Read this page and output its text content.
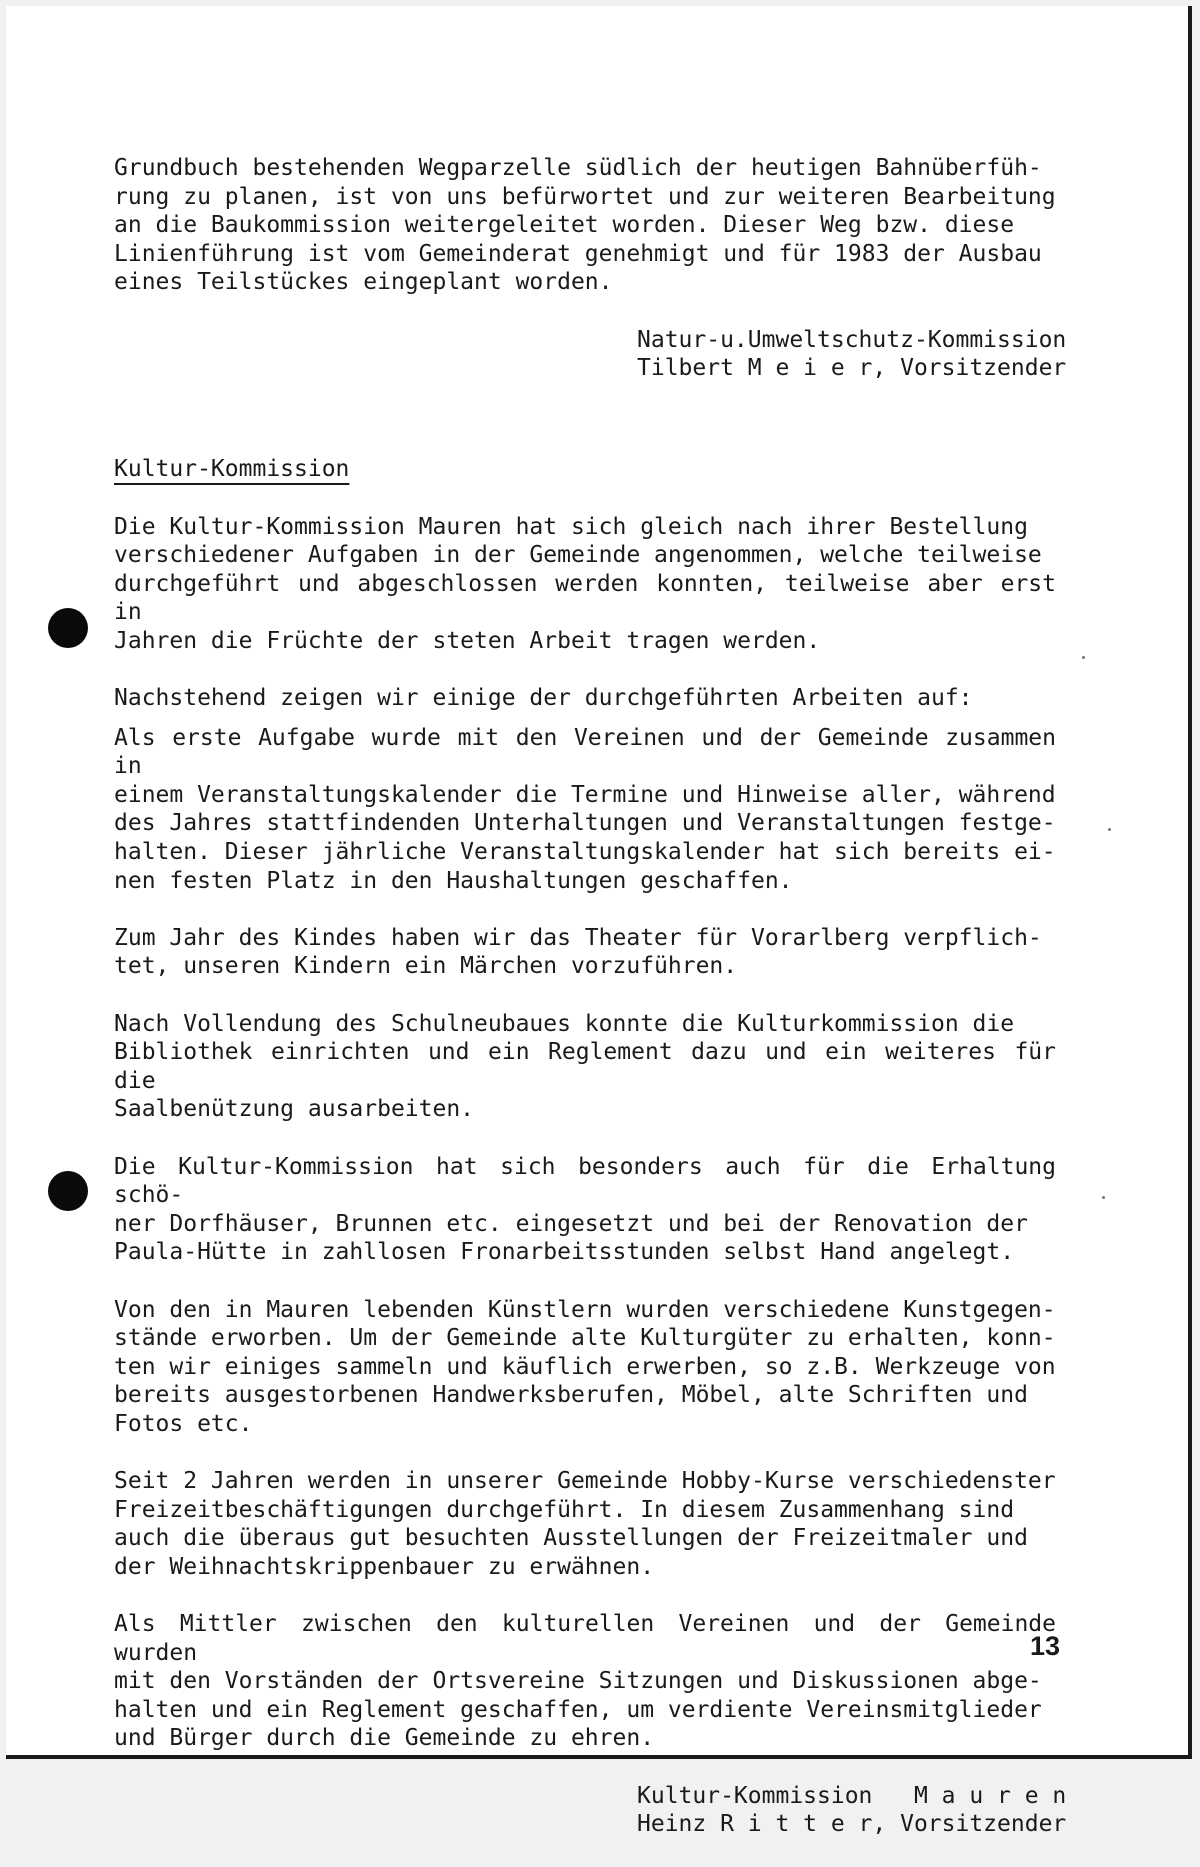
Grundbuch bestehenden Wegparzelle südlich der heutigen Bahnüberfüh-
rung zu planen, ist von uns befürwortet und zur weiteren Bearbeitung
an die Baukommission weitergeleitet worden. Dieser Weg bzw. diese
Linienführung ist vom Gemeinderat genehmigt und für 1983 der Ausbau
eines Teilstückes eingeplant worden.

Natur-u.Umweltschutz-Kommission
Tilbert M e i e r, Vorsitzender
Kultur-Kommission

Die Kultur-Kommission Mauren hat sich gleich nach ihrer Bestellung
verschiedener Aufgaben in der Gemeinde angenommen, welche teilweise
durchgeführt und abgeschlossen werden konnten, teilweise aber erst in
Jahren die Früchte der steten Arbeit tragen werden.

Nachstehend zeigen wir einige der durchgeführten Arbeiten auf:

Als erste Aufgabe wurde mit den Vereinen und der Gemeinde zusammen in
einem Veranstaltungskalender die Termine und Hinweise aller, während
des Jahres stattfindenden Unterhaltungen und Veranstaltungen festge-
halten. Dieser jährliche Veranstaltungskalender hat sich bereits ei-
nen festen Platz in den Haushaltungen geschaffen.

Zum Jahr des Kindes haben wir das Theater für Vorarlberg verpflich-
tet, unseren Kindern ein Märchen vorzuführen.

Nach Vollendung des Schulneubaues konnte die Kulturkommission die
Bibliothek einrichten und ein Reglement dazu und ein weiteres für die
Saalbenützung ausarbeiten.

Die Kultur-Kommission hat sich besonders auch für die Erhaltung schö-
ner Dorfhäuser, Brunnen etc. eingesetzt und bei der Renovation der
Paula-Hütte in zahllosen Fronarbeitsstunden selbst Hand angelegt.

Von den in Mauren lebenden Künstlern wurden verschiedene Kunstgegen-
stände erworben. Um der Gemeinde alte Kulturgüter zu erhalten, konn-
ten wir einiges sammeln und käuflich erwerben, so z.B. Werkzeuge von
bereits ausgestorbenen Handwerksberufen, Möbel, alte Schriften und
Fotos etc.

Seit 2 Jahren werden in unserer Gemeinde Hobby-Kurse verschiedenster
Freizeitbeschäftigungen durchgeführt. In diesem Zusammenhang sind
auch die überaus gut besuchten Ausstellungen der Freizeitmaler und
der Weihnachtskrippenbauer zu erwähnen.

Als Mittler zwischen den kulturellen Vereinen und der Gemeinde wurden
mit den Vorständen der Ortsvereine Sitzungen und Diskussionen abge-
halten und ein Reglement geschaffen, um verdiente Vereinsmitglieder
und Bürger durch die Gemeinde zu ehren.

Kultur-Kommission   M a u r e n
Heinz R i t t e r, Vorsitzender
13
